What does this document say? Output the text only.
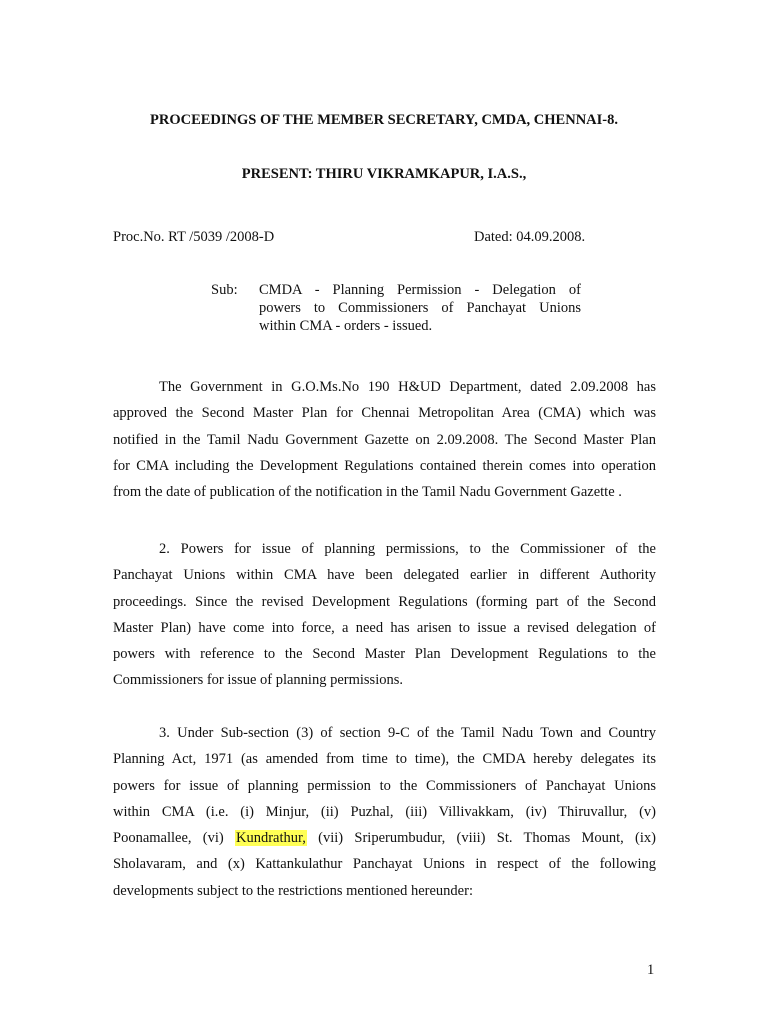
PROCEEDINGS OF THE MEMBER SECRETARY, CMDA, CHENNAI-8.
PRESENT: THIRU VIKRAMKAPUR, I.A.S.,
Proc.No. RT /5039 /2008-D	Dated: 04.09.2008.
Sub: CMDA - Planning Permission - Delegation of
powers to Commissioners of Panchayat Unions
within CMA - orders - issued.
The Government in G.O.Ms.No 190 H&UD Department, dated 2.09.2008 has
approved the Second Master Plan for Chennai Metropolitan Area (CMA) which was
notified in the Tamil Nadu Government Gazette on 2.09.2008. The Second Master Plan
for CMA including the Development Regulations contained therein comes into operation
from the date of publication of the notification in the Tamil Nadu Government Gazette .
2. Powers for issue of planning permissions, to the Commissioner of the
Panchayat Unions within CMA have been delegated earlier in different Authority
proceedings. Since the revised Development Regulations (forming part of the Second
Master Plan) have come into force, a need has arisen to issue a revised delegation of
powers with reference to the Second Master Plan Development Regulations to the
Commissioners for issue of planning permissions.
3. Under Sub-section (3) of section 9-C of the Tamil Nadu Town and Country
Planning Act, 1971 (as amended from time to time), the CMDA hereby delegates its
powers for issue of planning permission to the Commissioners of Panchayat Unions
within CMA (i.e. (i) Minjur, (ii) Puzhal, (iii) Villivakkam, (iv) Thiruvallur, (v)
Poonamallee, (vi) Kundrathur, (vii) Sriperumbudur, (viii) St. Thomas Mount, (ix)
Sholavaram, and (x) Kattankulathur Panchayat Unions in respect of the following
developments subject to the restrictions mentioned hereunder:
1
